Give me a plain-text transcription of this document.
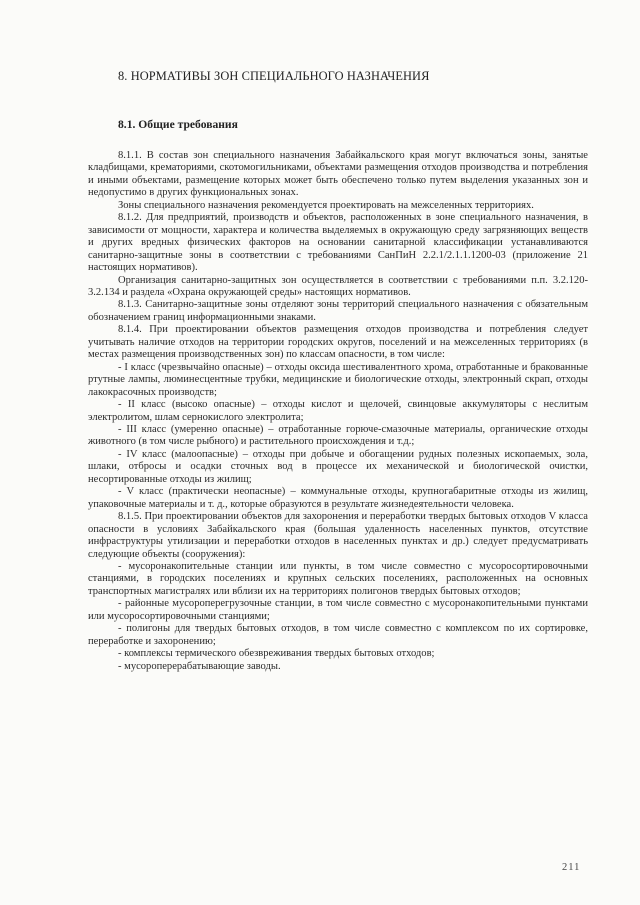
8. НОРМАТИВЫ ЗОН СПЕЦИАЛЬНОГО НАЗНАЧЕНИЯ
8.1. Общие требования

8.1.1. В состав зон специального назначения Забайкальского края могут включаться зоны, занятые кладбищами, крематориями, скотомогильниками, объектами размещения отходов производства и потребления и иными объектами, размещение которых может быть обеспечено только путем выделения указанных зон и недопустимо в других функциональных зонах.

Зоны специального назначения рекомендуется проектировать на межселенных территориях.

8.1.2. Для предприятий, производств и объектов, расположенных в зоне специального назначения, в зависимости от мощности, характера и количества выделяемых в окружающую среду загрязняющих веществ и других вредных физических факторов на основании санитарной классификации устанавливаются санитарно-защитные зоны в соответствии с требованиями СанПиН 2.2.1/2.1.1.1200-03 (приложение 21 настоящих нормативов).

Организация санитарно-защитных зон осуществляется в соответствии с требованиями п.п. 3.2.120-3.2.134 и раздела «Охрана окружающей среды» настоящих нормативов.

8.1.3. Санитарно-защитные зоны отделяют зоны территорий специального назначения с обязательным обозначением границ информационными знаками.

8.1.4. При проектировании объектов размещения отходов производства и потребления следует учитывать наличие отходов на территории городских округов, поселений и на межселенных территориях (в местах размещения производственных зон) по классам опасности, в том числе:

- I класс (чрезвычайно опасные) – отходы оксида шестивалентного хрома, отработанные и бракованные ртутные лампы, люминесцентные трубки, медицинские и биологические отходы, электронный скрап, отходы лакокрасочных производств;

- II класс (высоко опасные) – отходы кислот и щелочей, свинцовые аккумуляторы с неслитым электролитом, шлам сернокислого электролита;

- III класс (умеренно опасные) – отработанные горюче-смазочные материалы, органические отходы животного (в том числе рыбного) и растительного происхождения и т.д.;

- IV класс (малоопасные) – отходы при добыче и обогащении рудных полезных ископаемых, зола, шлаки, отбросы и осадки сточных вод в процессе их механической и биологической очистки, несортированные отходы из жилищ;

- V класс (практически неопасные) – коммунальные отходы, крупногабаритные отходы из жилищ, упаковочные материалы и т. д., которые образуются в результате жизнедеятельности человека.

8.1.5. При проектировании объектов для захоронения и переработки твердых бытовых отходов V класса опасности в условиях Забайкальского края (большая удаленность населенных пунктов, отсутствие инфраструктуры утилизации и переработки отходов в населенных пунктах и др.) следует предусматривать следующие объекты (сооружения):

- мусоронакопительные станции или пункты, в том числе совместно с мусоросортировочными станциями, в городских поселениях и крупных сельских поселениях, расположенных на основных транспортных магистралях или вблизи их на территориях полигонов твердых бытовых отходов;

- районные мусороперегрузочные станции, в том числе совместно с мусоронакопительными пунктами или мусоросортировочными станциями;

- полигоны для твердых бытовых отходов, в том числе совместно с комплексом по их сортировке, переработке и захоронению;

- комплексы термического обезвреживания твердых бытовых отходов;

- мусороперерабатывающие заводы.

211
